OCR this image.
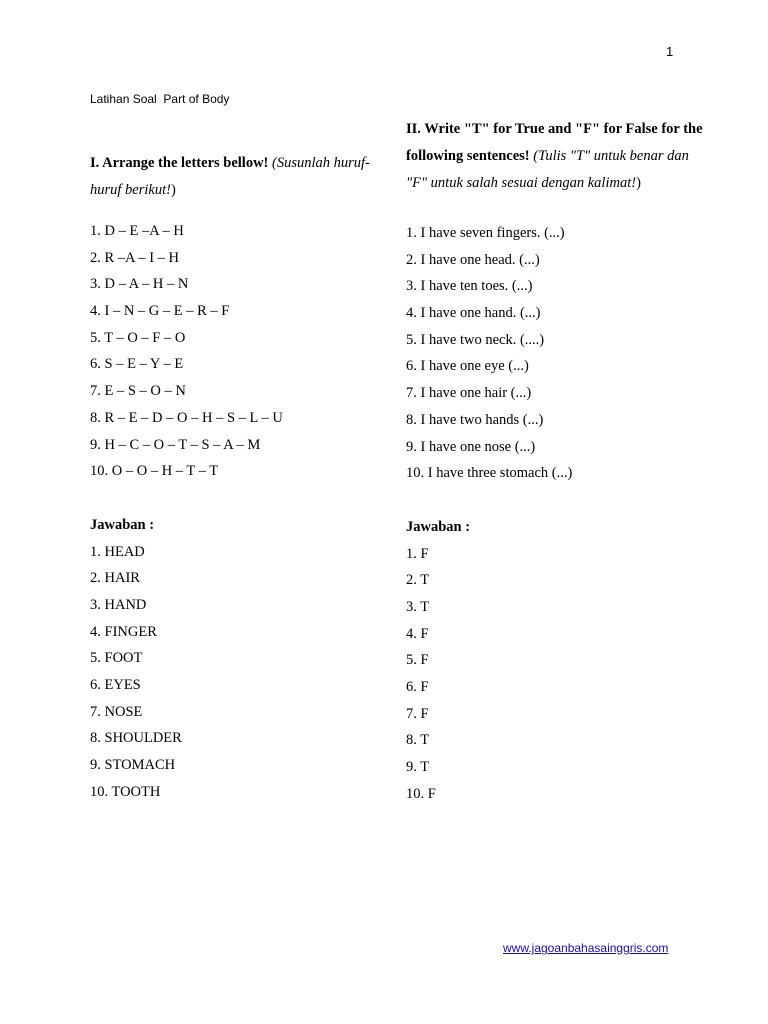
1
Latihan Soal  Part of Body

I. Arrange the letters bellow! (Susunlah huruf-huruf berikut!)

1. D – E –A – H
2. R –A – I – H
3. D – A – H – N
4. I – N – G – E – R – F
5. T – O – F – O
6. S – E – Y – E
7. E – S – O – N
8. R – E – D – O – H – S – L – U
9. H – C – O – T – S – A – M
10. O – O – H – T – T
Jawaban :
1. HEAD
2. HAIR
3. HAND
4. FINGER
5. FOOT
6. EYES
7. NOSE
8. SHOULDER
9. STOMACH
10. TOOTH

II. Write "T" for True and "F" for False for the following sentences! (Tulis "T" untuk benar dan "F" untuk salah sesuai dengan kalimat!)

1. I have seven fingers. (...)
2. I have one head. (...)
3. I have ten toes. (...)
4. I have one hand. (...)
5. I have two neck. (....)
6. I have one eye (...)
7. I have one hair (...)
8. I have two hands (...)
9. I have one nose (...)
10. I have three stomach (...)
Jawaban :
1. F
2. T
3. T
4. F
5. F
6. F
7. F
8. T
9. T
10. F
www.jagoanbahasainggris.com
